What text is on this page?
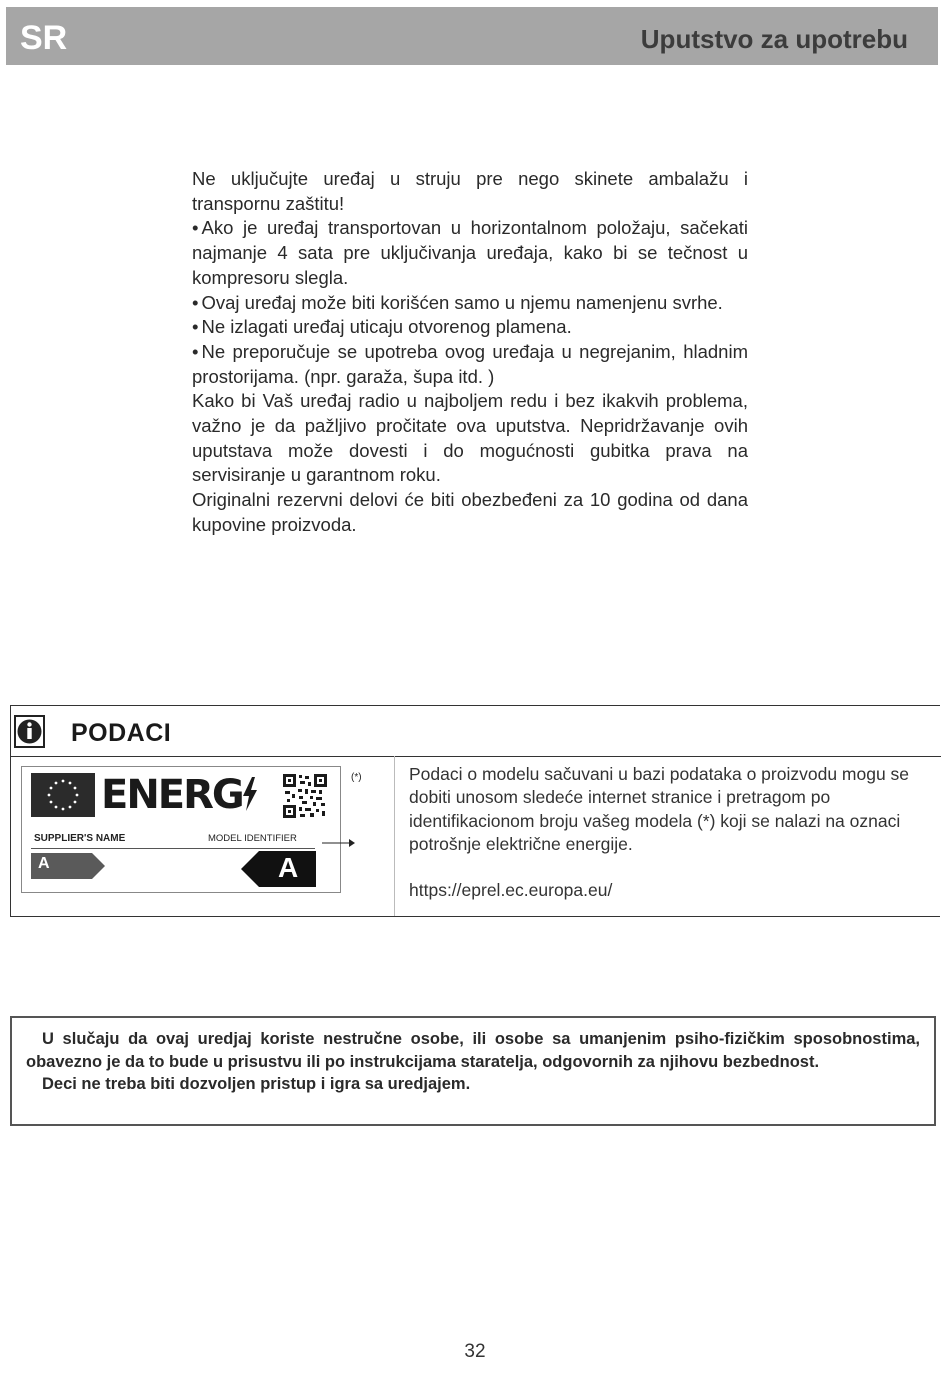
SR	Uputstvo za upotrebu

Ne uključujte uređaj u struju pre nego skinete ambalažu i transpornu zaštitu!

• Ako je uređaj transportovan u horizontalnom položaju, sačekati najmanje 4 sata pre uključivanja uređaja, kako bi se tečnost u kompresoru slegla.

• Ovaj uređaj može biti korišćen samo u njemu namenjenu svrhe.

• Ne izlagati uređaj uticaju otvorenog plamena.

• Ne preporučuje se upotreba ovog uređaja u negrejanim, hladnim prostorijama. (npr. garaža, šupa itd. )

Kako bi Vaš uređaj radio u najboljem redu i bez ikakvih problema, važno je da pažljivo pročitate ova uputstva. Nepridržavanje ovih uputstava može dovesti i do mogućnosti gubitka prava na servisiranje u garantnom roku.

Originalni rezervni delovi će biti obezbeđeni za 10 godina od dana kupovine proizvoda.

PODACI
ENERG
SUPPLIER'S NAME	MODEL IDENTIFIER
A	A
(*)	Podaci o modelu sačuvani u bazi podataka o proizvodu mogu se dobiti unosom sledeće internet stranice i pretragom po identifikacionom broju vašeg modela (*) koji se nalazi na oznaci potrošnje električne energije.

https://eprel.ec.europa.eu/

U slučaju da ovaj uredjaj koriste nestručne osobe, ili osobe sa umanjenim psiho-fizičkim sposobnostima, obavezno je da to bude u prisustvu ili po instrukcijama staratelja, odgovornih za njihovu bezbednost.

Deci ne treba biti dozvoljen pristup i igra sa uredjajem.

32
